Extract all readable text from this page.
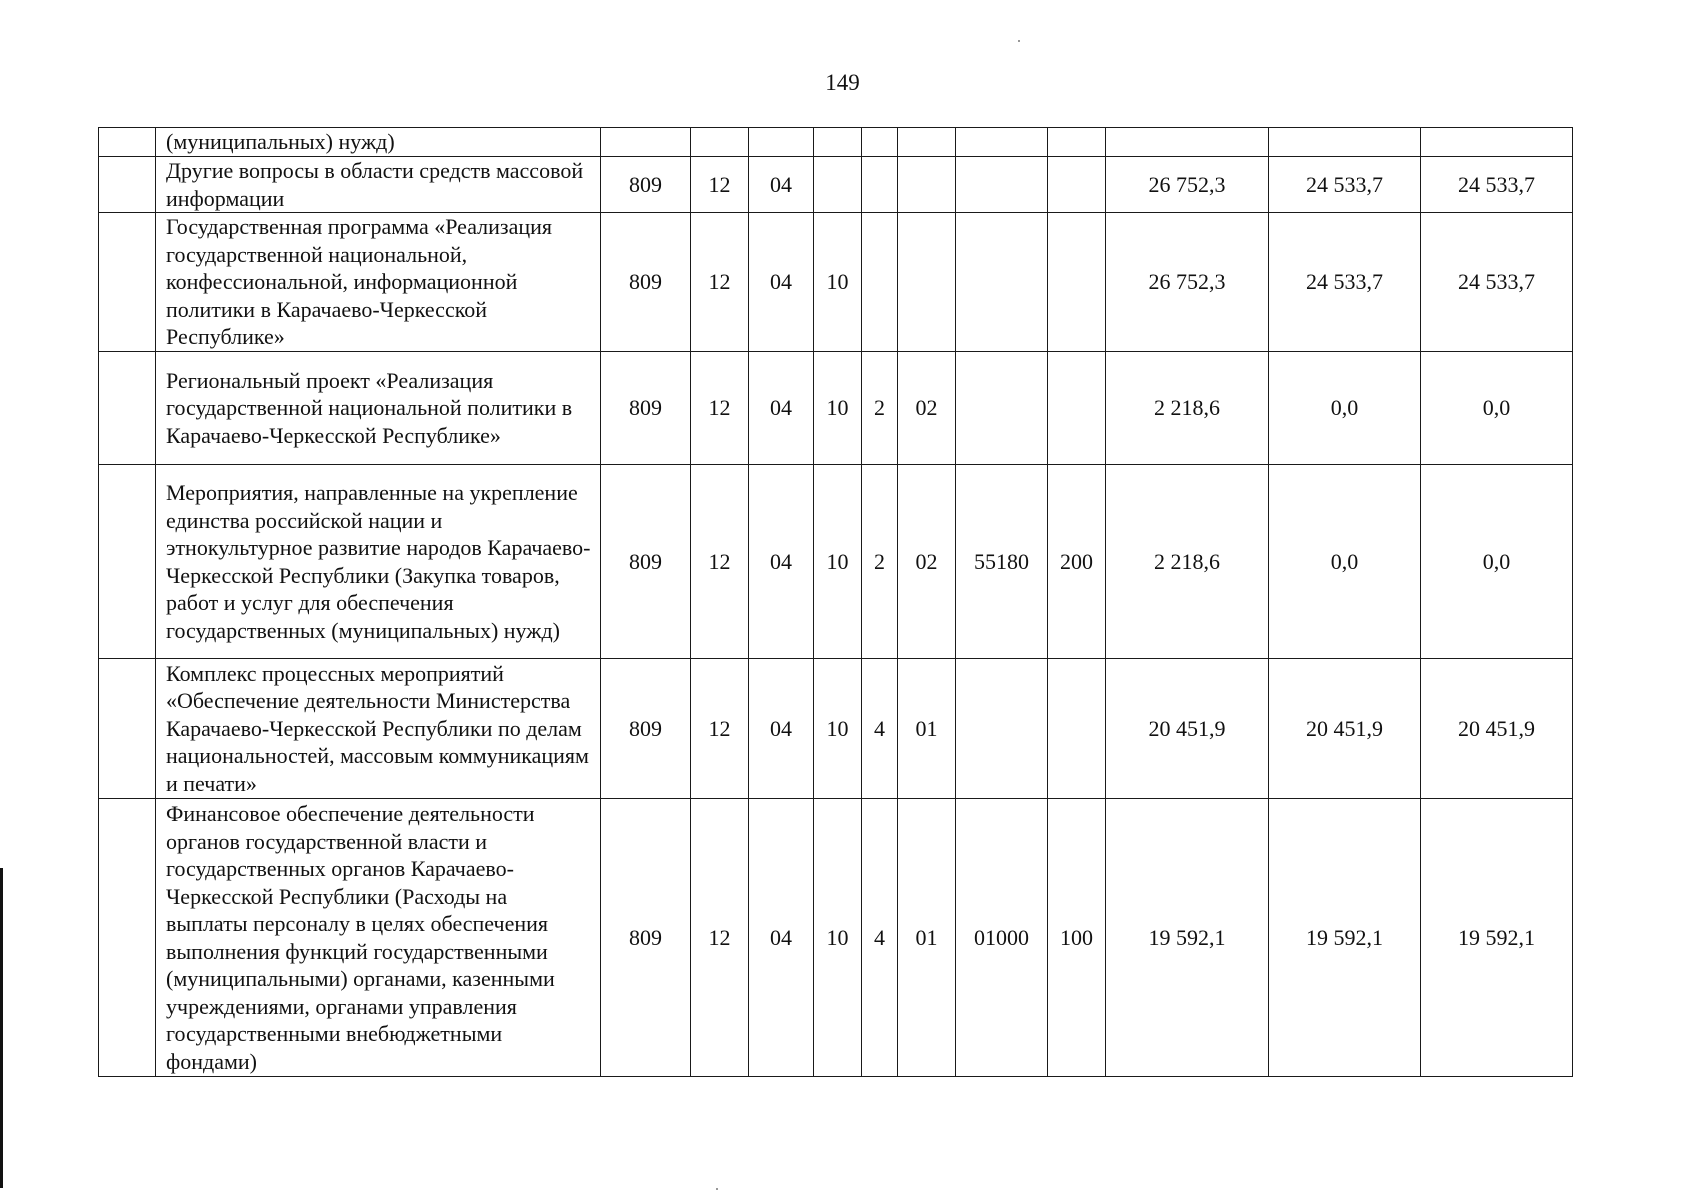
149
	(муниципальных) нужд)											
	Другие вопросы в области средств массовой информации	809	12	04						26 752,3	24 533,7	24 533,7
	Государственная программа «Реализация государственной национальной, конфессиональной, информационной политики в Карачаево-Черкесской Республике»	809	12	04	10					26 752,3	24 533,7	24 533,7
	Региональный проект «Реализация государственной национальной политики в Карачаево-Черкесской Республике»	809	12	04	10	2	02			2 218,6	0,0	0,0
	Мероприятия, направленные на укрепление единства российской нации и этнокультурное развитие народов Карачаево-Черкесской Республики (Закупка товаров, работ и услуг для обеспечения государственных (муниципальных) нужд)	809	12	04	10	2	02	55180	200	2 218,6	0,0	0,0
	Комплекс процессных мероприятий «Обеспечение деятельности Министерства Карачаево-Черкесской Республики по делам национальностей, массовым коммуникациям и печати»	809	12	04	10	4	01			20 451,9	20 451,9	20 451,9
	Финансовое обеспечение деятельности органов государственной власти и государственных органов Карачаево-Черкесской Республики (Расходы на выплаты персоналу в целях обеспечения выполнения функций государственными (муниципальными) органами, казенными учреждениями, органами управления государственными внебюджетными фондами)	809	12	04	10	4	01	01000	100	19 592,1	19 592,1	19 592,1
